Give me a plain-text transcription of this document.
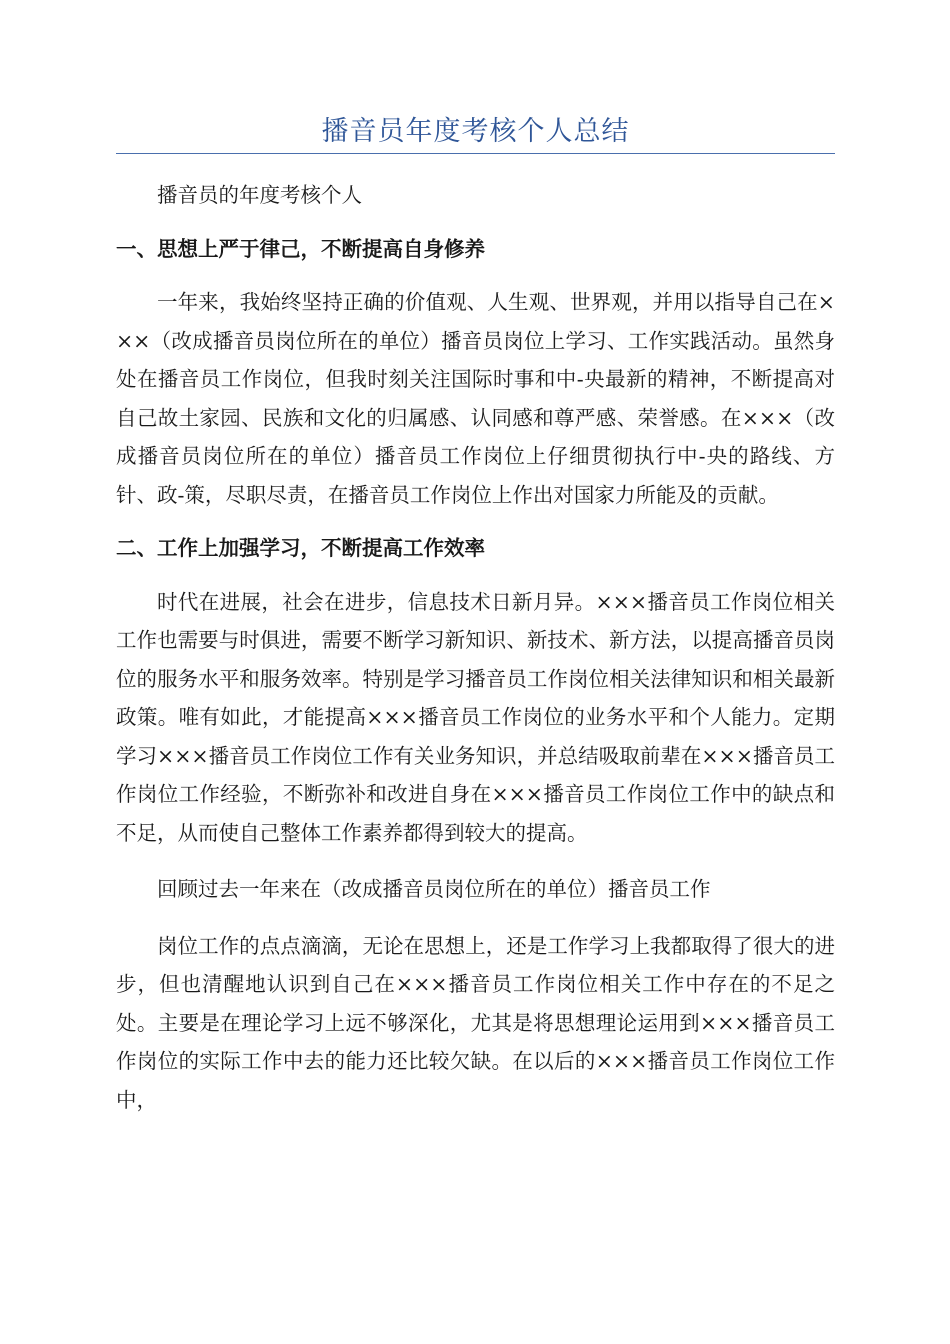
播音员年度考核个人总结

播音员的年度考核个人

一、思想上严于律己，不断提高自身修养

一年来，我始终坚持正确的价值观、人生观、世界观，并用以指导自己在×××（改成播音员岗位所在的单位）播音员岗位上学习、工作实践活动。虽然身处在播音员工作岗位，但我时刻关注国际时事和中-央最新的精神，不断提高对自己故土家园、民族和文化的归属感、认同感和尊严感、荣誉感。在×××（改成播音员岗位所在的单位）播音员工作岗位上仔细贯彻执行中-央的路线、方针、政-策，尽职尽责，在播音员工作岗位上作出对国家力所能及的贡献。

二、工作上加强学习，不断提高工作效率

时代在进展，社会在进步，信息技术日新月异。×××播音员工作岗位相关工作也需要与时俱进，需要不断学习新知识、新技术、新方法，以提高播音员岗位的服务水平和服务效率。特别是学习播音员工作岗位相关法律知识和相关最新政策。唯有如此，才能提高×××播音员工作岗位的业务水平和个人能力。定期学习×××播音员工作岗位工作有关业务知识，并总结吸取前辈在×××播音员工作岗位工作经验，不断弥补和改进自身在×××播音员工作岗位工作中的缺点和不足，从而使自己整体工作素养都得到较大的提高。

回顾过去一年来在（改成播音员岗位所在的单位）播音员工作

岗位工作的点点滴滴，无论在思想上，还是工作学习上我都取得了很大的进步，但也清醒地认识到自己在×××播音员工作岗位相关工作中存在的不足之处。主要是在理论学习上远不够深化，尤其是将思想理论运用到×××播音员工作岗位的实际工作中去的能力还比较欠缺。在以后的×××播音员工作岗位工作中，
